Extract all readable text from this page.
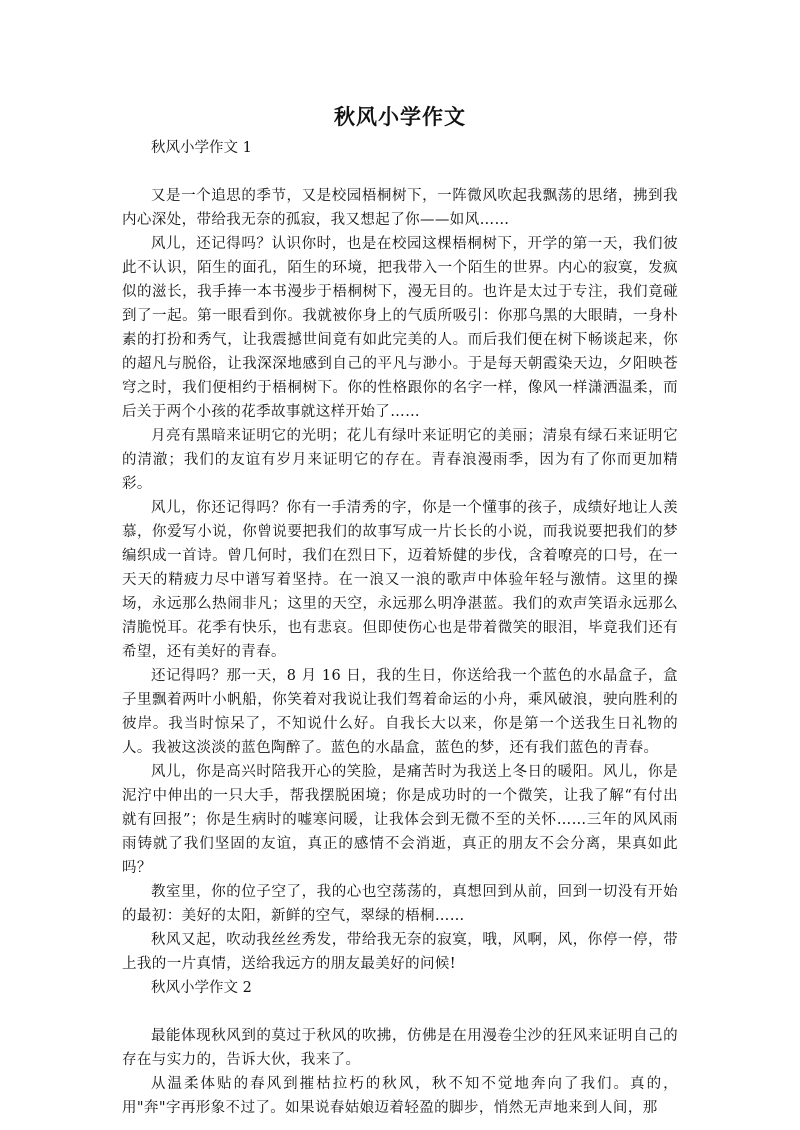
秋风小学作文

秋风小学作文 1

又是一个追思的季节，又是校园梧桐树下，一阵微风吹起我飘荡的思绪，拂到我内心深处，带给我无奈的孤寂，我又想起了你——如风……

风儿，还记得吗？认识你时，也是在校园这棵梧桐树下，开学的第一天，我们彼此不认识，陌生的面孔，陌生的环境，把我带入一个陌生的世界。内心的寂寞，发疯似的滋长，我手捧一本书漫步于梧桐树下，漫无目的。也许是太过于专注，我们竟碰到了一起。第一眼看到你。我就被你身上的气质所吸引：你那乌黑的大眼睛，一身朴素的打扮和秀气，让我震撼世间竟有如此完美的人。而后我们便在树下畅谈起来，你的超凡与脱俗，让我深深地感到自己的平凡与渺小。于是每天朝霞染天边，夕阳映苍穹之时，我们便相约于梧桐树下。你的性格跟你的名字一样，像风一样潇洒温柔，而后关于两个小孩的花季故事就这样开始了……

月亮有黑暗来证明它的光明；花儿有绿叶来证明它的美丽；清泉有绿石来证明它的清澈；我们的友谊有岁月来证明它的存在。青春浪漫雨季，因为有了你而更加精彩。

风儿，你还记得吗？你有一手清秀的字，你是一个懂事的孩子，成绩好地让人羡慕，你爱写小说，你曾说要把我们的故事写成一片长长的小说，而我说要把我们的梦编织成一首诗。曾几何时，我们在烈日下，迈着矫健的步伐，含着嘹亮的口号，在一天天的精疲力尽中谱写着坚持。在一浪又一浪的歌声中体验年轻与激情。这里的操场，永远那么热闹非凡；这里的天空，永远那么明净湛蓝。我们的欢声笑语永远那么清脆悦耳。花季有快乐，也有悲哀。但即使伤心也是带着微笑的眼泪，毕竟我们还有希望，还有美好的青春。

还记得吗？那一天，8 月 16 日，我的生日，你送给我一个蓝色的水晶盒子，盒子里飘着两叶小帆船，你笑着对我说让我们驾着命运的小舟，乘风破浪，驶向胜利的彼岸。我当时惊呆了，不知说什么好。自我长大以来，你是第一个送我生日礼物的人。我被这淡淡的蓝色陶醉了。蓝色的水晶盒，蓝色的梦，还有我们蓝色的青春。

风儿，你是高兴时陪我开心的笑脸，是痛苦时为我送上冬日的暖阳。风儿，你是泥泞中伸出的一只大手，帮我摆脱困境；你是成功时的一个微笑，让我了解“有付出就有回报”；你是生病时的嘘寒问暖，让我体会到无微不至的关怀……三年的风风雨雨铸就了我们坚固的友谊，真正的感情不会消逝，真正的朋友不会分离，果真如此吗？

教室里，你的位子空了，我的心也空荡荡的，真想回到从前，回到一切没有开始的最初：美好的太阳，新鲜的空气，翠绿的梧桐……

秋风又起，吹动我丝丝秀发，带给我无奈的寂寞，哦，风啊，风，你停一停，带上我的一片真情，送给我远方的朋友最美好的问候!

秋风小学作文 2

最能体现秋风到的莫过于秋风的吹拂，仿佛是在用漫卷尘沙的狂风来证明自己的存在与实力的，告诉大伙，我来了。

从温柔体贴的春风到摧枯拉朽的秋风，秋不知不觉地奔向了我们。真的，用"奔"字再形象不过了。如果说春姑娘迈着轻盈的脚步，悄然无声地来到人间，那
